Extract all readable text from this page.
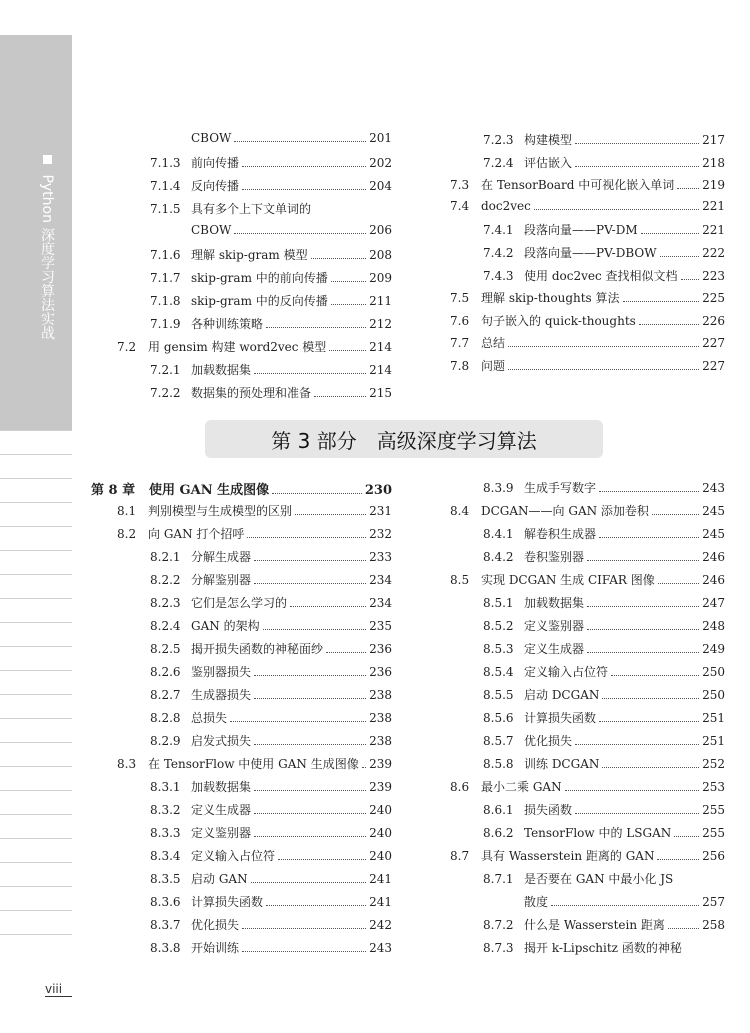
Python 深度学习算法实战
CBOW	201
7.1.3 前向传播	202
7.1.4 反向传播	204
7.1.5 具有多个上下文单词的
CBOW	206
7.1.6 理解 skip-gram 模型	208
7.1.7 skip-gram 中的前向传播	209
7.1.8 skip-gram 中的反向传播	211
7.1.9 各种训练策略	212
7.2 用 gensim 构建 word2vec 模型	214
7.2.1 加载数据集	214
7.2.2 数据集的预处理和准备	215
7.2.3 构建模型	217
7.2.4 评估嵌入	218
7.3 在 TensorBoard 中可视化嵌入单词 219
7.4 doc2vec	221
7.4.1 段落向量——PV-DM	221
7.4.2 段落向量——PV-DBOW	222
7.4.3 使用 doc2vec 查找相似文档 223
7.5 理解 skip-thoughts 算法	225
7.6 句子嵌入的 quick-thoughts	226
7.7 总结	227
7.8 问题	227
第 3 部分　高级深度学习算法
第 8 章	使用 GAN 生成图像	230
8.1 判别模型与生成模型的区别	231
8.2 向 GAN 打个招呼	232
8.2.1 分解生成器	233
8.2.2 分解鉴别器	234
8.2.3 它们是怎么学习的	234
8.2.4 GAN 的架构	235
8.2.5 揭开损失函数的神秘面纱	236
8.2.6 鉴别器损失	236
8.2.7 生成器损失	238
8.2.8 总损失	238
8.2.9 启发式损失	238
8.3 在 TensorFlow 中使用 GAN 生成图像 239
8.3.1 加载数据集	239
8.3.2 定义生成器	240
8.3.3 定义鉴别器	240
8.3.4 定义输入占位符	240
8.3.5 启动 GAN	241
8.3.6 计算损失函数	241
8.3.7 优化损失	242
8.3.8 开始训练	243
8.3.9 生成手写数字	243
8.4 DCGAN——向 GAN 添加卷积	245
8.4.1 解卷积生成器	245
8.4.2 卷积鉴别器	246
8.5 实现 DCGAN 生成 CIFAR 图像	246
8.5.1 加载数据集	247
8.5.2 定义鉴别器	248
8.5.3 定义生成器	249
8.5.4 定义输入占位符	250
8.5.5 启动 DCGAN	250
8.5.6 计算损失函数	251
8.5.7 优化损失	251
8.5.8 训练 DCGAN	252
8.6 最小二乘 GAN	253
8.6.1 损失函数	255
8.6.2 TensorFlow 中的 LSGAN	255
8.7 具有 Wasserstein 距离的 GAN	256
8.7.1 是否要在 GAN 中最小化 JS
散度	257
8.7.2 什么是 Wasserstein 距离	258
8.7.3 揭开 k-Lipschitz 函数的神秘
viii
